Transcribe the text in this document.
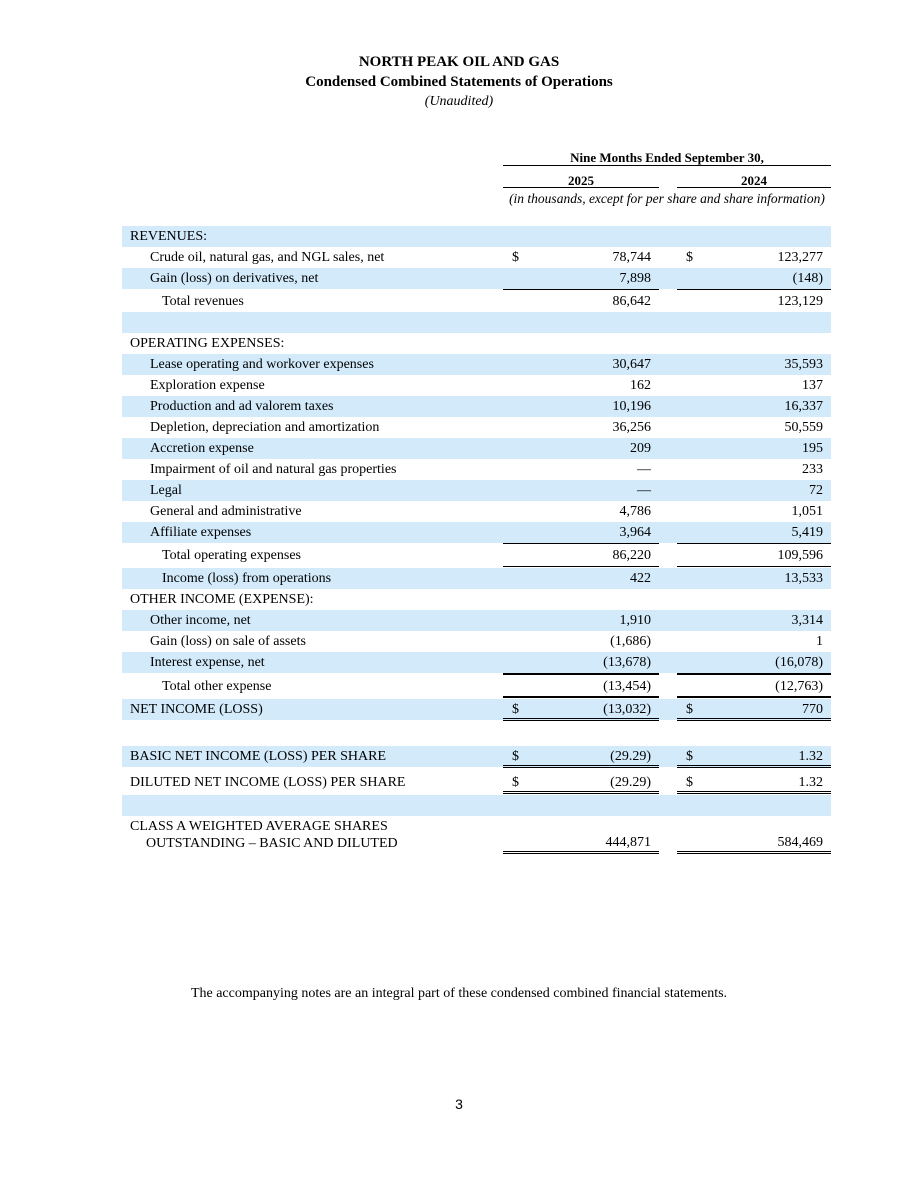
NORTH PEAK OIL AND GAS
Condensed Combined Statements of Operations
(Unaudited)
Nine Months Ended September 30,
2025	2024
(in thousands, except for per share and share information)
REVENUES:
Crude oil, natural gas, and NGL sales, net	$	78,744	$	123,277
Gain (loss) on derivatives, net	7,898	(148)
Total revenues	86,642	123,129
OPERATING EXPENSES:
Lease operating and workover expenses	30,647	35,593
Exploration expense	162	137
Production and ad valorem taxes	10,196	16,337
Depletion, depreciation and amortization	36,256	50,559
Accretion expense	209	195
Impairment of oil and natural gas properties	—	233
Legal	—	72
General and administrative	4,786	1,051
Affiliate expenses	3,964	5,419
Total operating expenses	86,220	109,596
Income (loss) from operations	422	13,533
OTHER INCOME (EXPENSE):
Other income, net	1,910	3,314
Gain (loss) on sale of assets	(1,686)	1
Interest expense, net	(13,678)	(16,078)
Total other expense	(13,454)	(12,763)
NET INCOME (LOSS)	$	(13,032)	$	770
BASIC NET INCOME (LOSS) PER SHARE	$	(29.29)	$	1.32
DILUTED NET INCOME (LOSS) PER SHARE	$	(29.29)	$	1.32
CLASS A WEIGHTED AVERAGE SHARES
OUTSTANDING – BASIC AND DILUTED	444,871	584,469
The accompanying notes are an integral part of these condensed combined financial statements.
3
